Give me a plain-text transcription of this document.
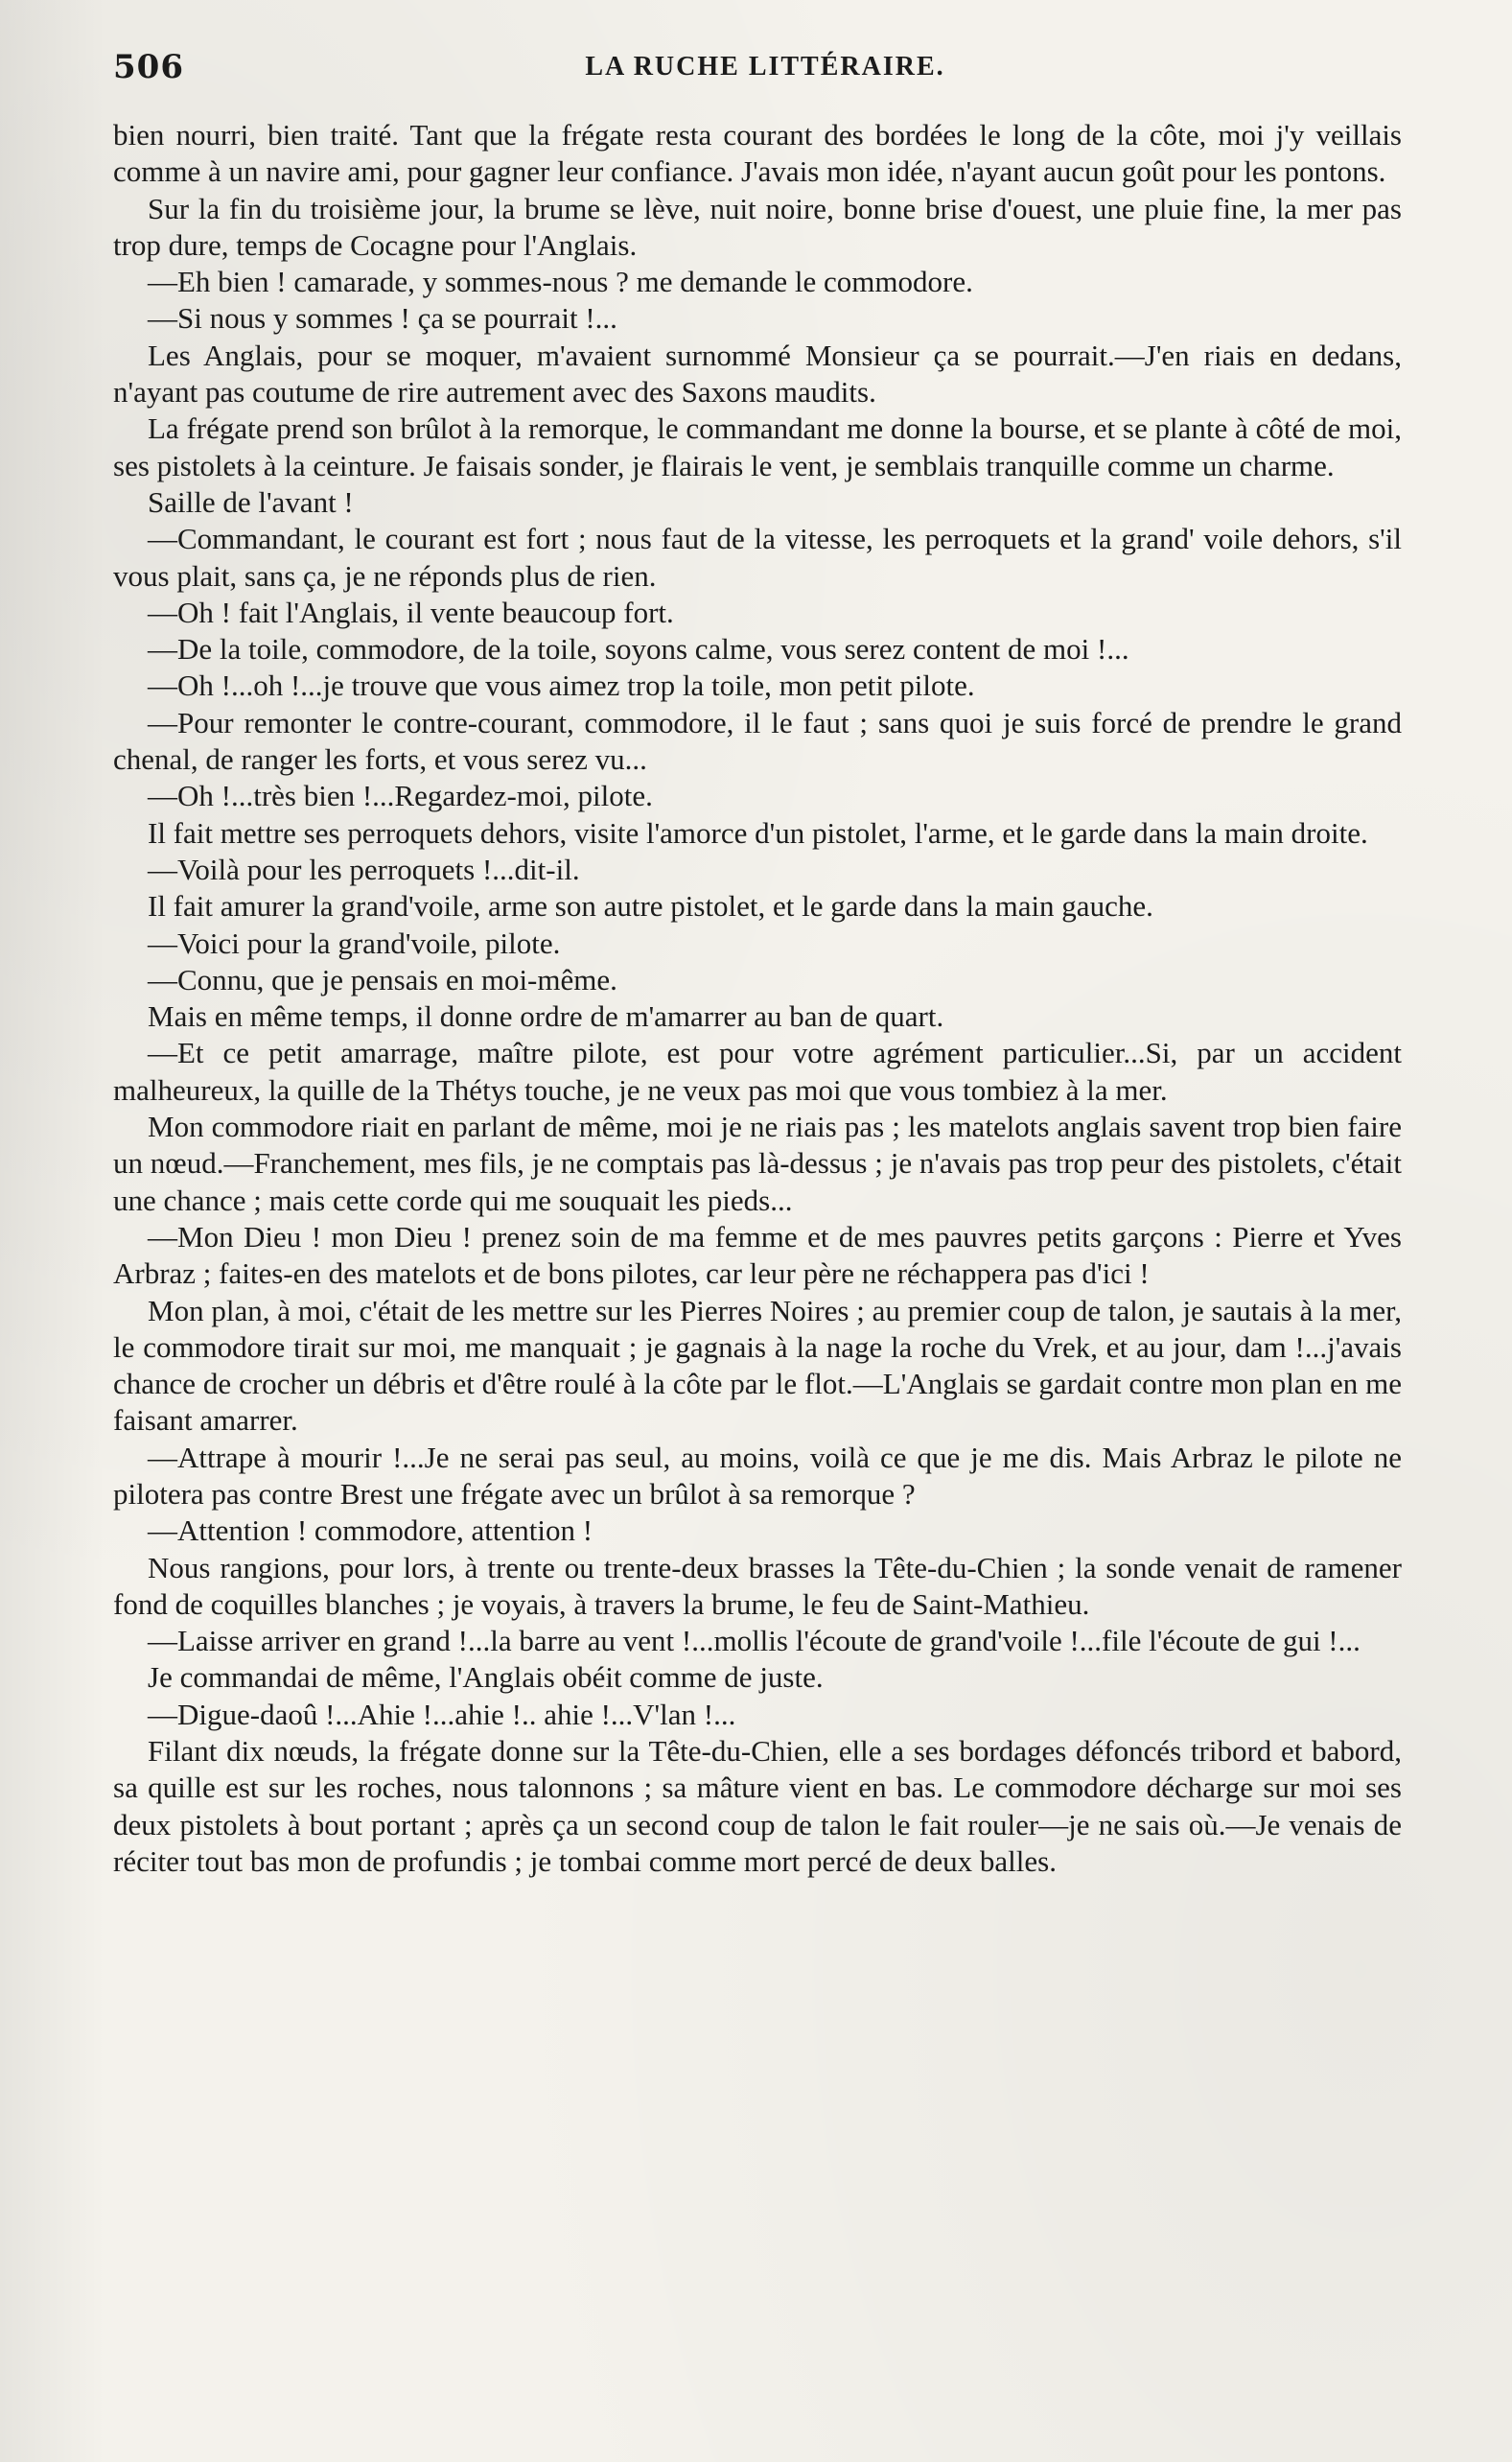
506	LA RUCHE LITTÉRAIRE.

bien nourri, bien traité. Tant que la frégate resta courant des bordées le long de la côte, moi j'y veillais comme à un navire ami, pour gagner leur confiance. J'avais mon idée, n'ayant aucun goût pour les pontons.

Sur la fin du troisième jour, la brume se lève, nuit noire, bonne brise d'ouest, une pluie fine, la mer pas trop dure, temps de Cocagne pour l'Anglais.

—Eh bien ! camarade, y sommes-nous ? me demande le commodore.

—Si nous y sommes ! ça se pourrait !...

Les Anglais, pour se moquer, m'avaient surnommé Monsieur ça se pourrait.—J'en riais en dedans, n'ayant pas coutume de rire autrement avec des Saxons maudits.

La frégate prend son brûlot à la remorque, le commandant me donne la bourse, et se plante à côté de moi, ses pistolets à la ceinture. Je faisais sonder, je flairais le vent, je semblais tranquille comme un charme.

Saille de l'avant !

—Commandant, le courant est fort ; nous faut de la vitesse, les perroquets et la grand' voile dehors, s'il vous plait, sans ça, je ne réponds plus de rien.

—Oh ! fait l'Anglais, il vente beaucoup fort.

—De la toile, commodore, de la toile, soyons calme, vous serez content de moi !...

—Oh !...oh !...je trouve que vous aimez trop la toile, mon petit pilote.

—Pour remonter le contre-courant, commodore, il le faut ; sans quoi je suis forcé de prendre le grand chenal, de ranger les forts, et vous serez vu...

—Oh !...très bien !...Regardez-moi, pilote.

Il fait mettre ses perroquets dehors, visite l'amorce d'un pistolet, l'arme, et le garde dans la main droite.

—Voilà pour les perroquets !...dit-il.

Il fait amurer la grand'voile, arme son autre pistolet, et le garde dans la main gauche.

—Voici pour la grand'voile, pilote.

—Connu, que je pensais en moi-même.

Mais en même temps, il donne ordre de m'amarrer au ban de quart.

—Et ce petit amarrage, maître pilote, est pour votre agrément particulier...Si, par un accident malheureux, la quille de la Thétys touche, je ne veux pas moi que vous tombiez à la mer.

Mon commodore riait en parlant de même, moi je ne riais pas ; les matelots anglais savent trop bien faire un nœud.—Franchement, mes fils, je ne comptais pas là-dessus ; je n'avais pas trop peur des pistolets, c'était une chance ; mais cette corde qui me souquait les pieds...

—Mon Dieu ! mon Dieu ! prenez soin de ma femme et de mes pauvres petits garçons : Pierre et Yves Arbraz ; faites-en des matelots et de bons pilotes, car leur père ne réchappera pas d'ici !

Mon plan, à moi, c'était de les mettre sur les Pierres Noires ; au premier coup de talon, je sautais à la mer, le commodore tirait sur moi, me manquait ; je gagnais à la nage la roche du Vrek, et au jour, dam !...j'avais chance de crocher un débris et d'être roulé à la côte par le flot.—L'Anglais se gardait contre mon plan en me faisant amarrer.

—Attrape à mourir !...Je ne serai pas seul, au moins, voilà ce que je me dis. Mais Arbraz le pilote ne pilotera pas contre Brest une frégate avec un brûlot à sa remorque ?

—Attention ! commodore, attention !

Nous rangions, pour lors, à trente ou trente-deux brasses la Tête-du-Chien ; la sonde venait de ramener fond de coquilles blanches ; je voyais, à travers la brume, le feu de Saint-Mathieu.

—Laisse arriver en grand !...la barre au vent !...mollis l'écoute de grand'voile !...file l'écoute de gui !...

Je commandai de même, l'Anglais obéit comme de juste.

—Digue-daoû !...Ahie !...ahie !.. ahie !...V'lan !...

Filant dix nœuds, la frégate donne sur la Tête-du-Chien, elle a ses bordages défoncés tribord et babord, sa quille est sur les roches, nous talonnons ; sa mâture vient en bas. Le commodore décharge sur moi ses deux pistolets à bout portant ; après ça un second coup de talon le fait rouler—je ne sais où.—Je venais de réciter tout bas mon de profundis ; je tombai comme mort percé de deux balles.
